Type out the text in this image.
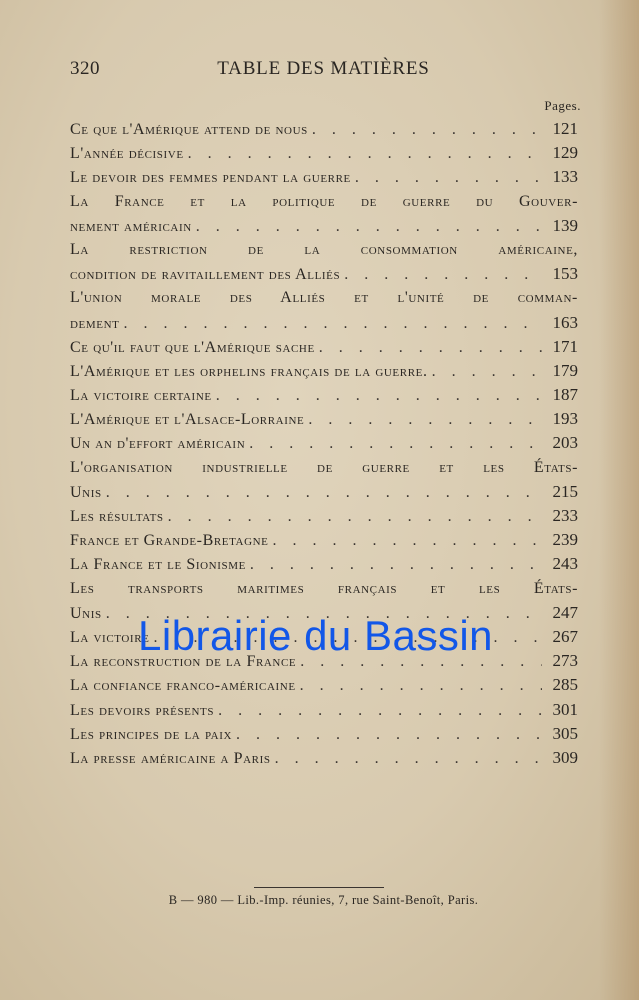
320	TABLE DES MATIÈRES
Pages.
Ce que l'Amérique attend de nous . . .	121
L'année décisive . . .	129
Le devoir des femmes pendant la guerre . . .	133
La France et la politique de guerre du Gouver-
nement américain . . .	139
La restriction de la consommation américaine,
condition de ravitaillement des Alliés . . .	153
L'union morale des Alliés et l'unité de comman-
dement . . .	163
Ce qu'il faut que l'Amérique sache . . .	171
L'Amérique et les orphelins français de la guerre. . . .	179
La victoire certaine . . .	187
L'Amérique et l'Alsace-Lorraine . . .	193
Un an d'effort américain . . .	203
L'organisation industrielle de guerre et les États-
Unis . . .	215
Les résultats . . .	233
France et Grande-Bretagne . . .	239
La France et le Sionisme . . .	243
Les transports maritimes français et les États-
Unis . . .	247
La victoire . . .	267
La reconstruction de la France . . .	273
La confiance franco-américaine . . .	285
Les devoirs présents . . .	301
Les principes de la paix . . .	305
La presse américaine a Paris . . .	309
B — 980 — Lib.-Imp. réunies, 7, rue Saint-Benoît, Paris.
Librairie du Bassin
